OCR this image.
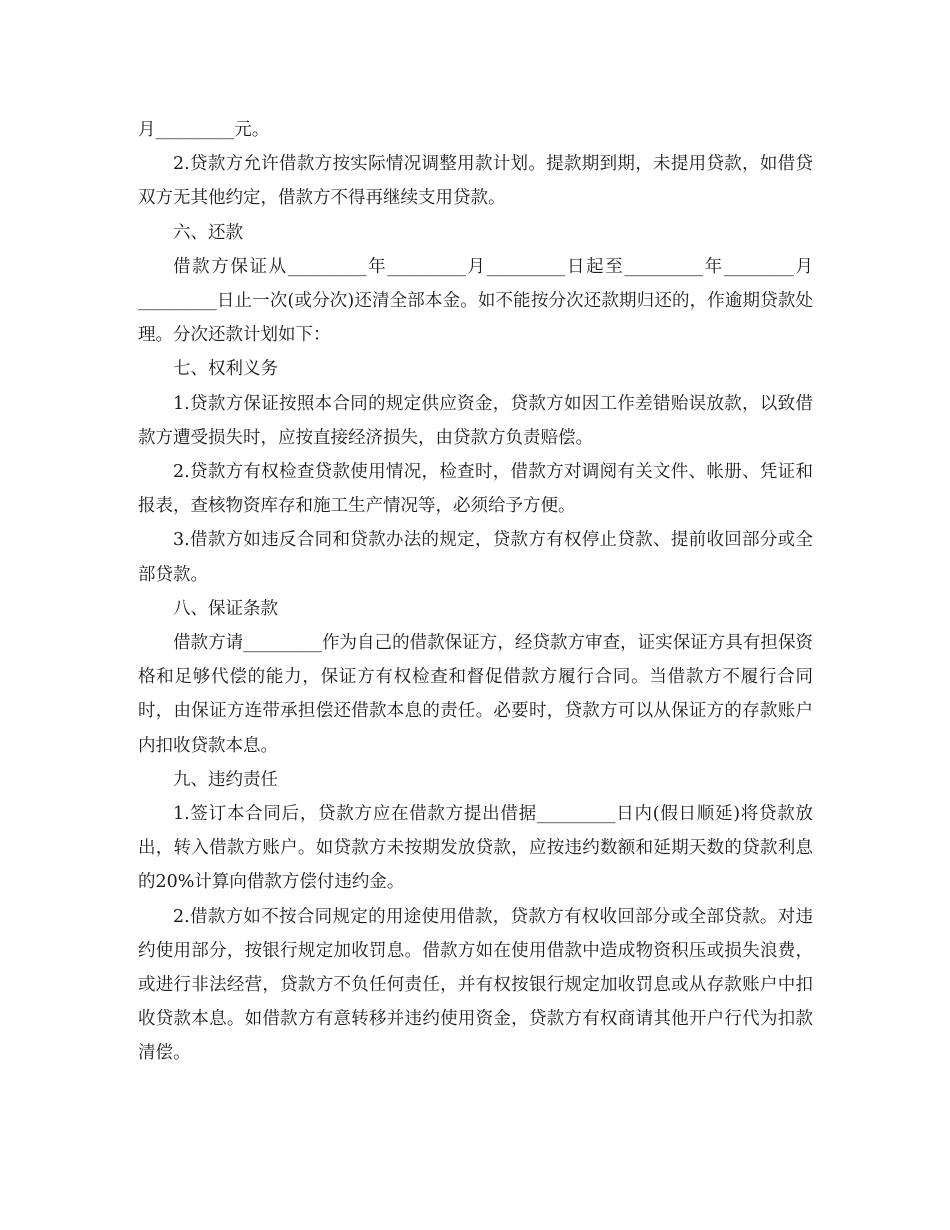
月_________元。

2.贷款方允许借款方按实际情况调整用款计划。提款期到期，未提用贷款，如借贷双方无其他约定，借款方不得再继续支用贷款。

六、还款

借款方保证从_________年_________月_________日起至_________年________月_________日止一次(或分次)还清全部本金。如不能按分次还款期归还的，作逾期贷款处理。分次还款计划如下：

七、权利义务

1.贷款方保证按照本合同的规定供应资金，贷款方如因工作差错贻误放款，以致借款方遭受损失时，应按直接经济损失，由贷款方负责赔偿。

2.贷款方有权检查贷款使用情况，检查时，借款方对调阅有关文件、帐册、凭证和报表，查核物资库存和施工生产情况等，必须给予方便。

3.借款方如违反合同和贷款办法的规定，贷款方有权停止贷款、提前收回部分或全部贷款。

八、保证条款

借款方请_________作为自己的借款保证方，经贷款方审查，证实保证方具有担保资格和足够代偿的能力，保证方有权检查和督促借款方履行合同。当借款方不履行合同时，由保证方连带承担偿还借款本息的责任。必要时，贷款方可以从保证方的存款账户内扣收贷款本息。

九、违约责任

1.签订本合同后，贷款方应在借款方提出借据_________日内(假日顺延)将贷款放出，转入借款方账户。如贷款方未按期发放贷款，应按违约数额和延期天数的贷款利息的20%计算向借款方偿付违约金。

2.借款方如不按合同规定的用途使用借款，贷款方有权收回部分或全部贷款。对违约使用部分，按银行规定加收罚息。借款方如在使用借款中造成物资积压或损失浪费，或进行非法经营，贷款方不负任何责任，并有权按银行规定加收罚息或从存款账户中扣收贷款本息。如借款方有意转移并违约使用资金，贷款方有权商请其他开户行代为扣款清偿。
